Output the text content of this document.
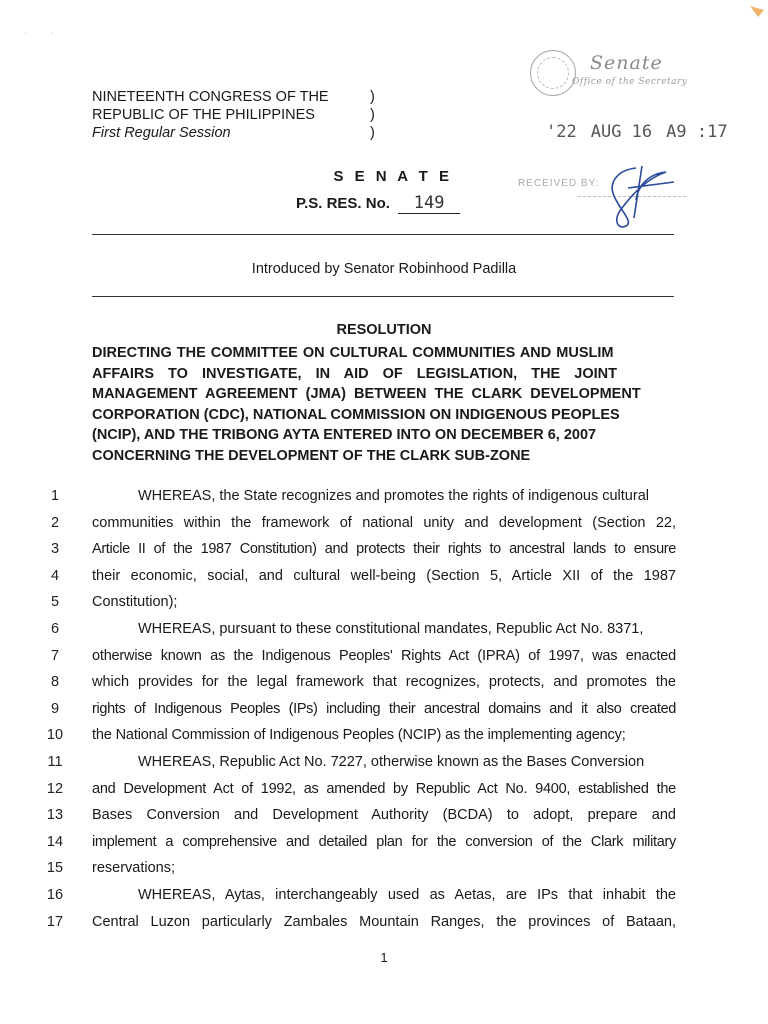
·           ·
NINETEENTH CONGRESS OF THE
REPUBLIC OF THE PHILIPPINES
First Regular Session
)
)
)
Senate
Office of the Secretary
'22 AUG 16 A9 :17
RECEIVED BY:
S E N A T E
P.S. RES. No. 149
Introduced by Senator Robinhood Padilla
RESOLUTION
DIRECTING THE COMMITTEE ON CULTURAL COMMUNITIES AND MUSLIM
AFFAIRS TO INVESTIGATE, IN AID OF LEGISLATION, THE JOINT
MANAGEMENT AGREEMENT (JMA) BETWEEN THE CLARK DEVELOPMENT
CORPORATION (CDC), NATIONAL COMMISSION ON INDIGENOUS PEOPLES
(NCIP), AND THE TRIBONG AYTA ENTERED INTO ON DECEMBER 6, 2007
CONCERNING THE DEVELOPMENT OF THE CLARK SUB-ZONE
1	WHEREAS, the State recognizes and promotes the rights of indigenous cultural
2	communities within the framework of national unity and development (Section 22,
3	Article II of the 1987 Constitution) and protects their rights to ancestral lands to ensure
4	their economic, social, and cultural well-being (Section 5, Article XII of the 1987
5	Constitution);
6	WHEREAS, pursuant to these constitutional mandates, Republic Act No. 8371,
7	otherwise known as the Indigenous Peoples' Rights Act (IPRA) of 1997, was enacted
8	which provides for the legal framework that recognizes, protects, and promotes the
9	rights of Indigenous Peoples (IPs) including their ancestral domains and it also created
10	the National Commission of Indigenous Peoples (NCIP) as the implementing agency;
11	WHEREAS, Republic Act No. 7227, otherwise known as the Bases Conversion
12	and Development Act of 1992, as amended by Republic Act No. 9400, established the
13	Bases Conversion and Development Authority (BCDA) to adopt, prepare and
14	implement a comprehensive and detailed plan for the conversion of the Clark military
15	reservations;
16	WHEREAS, Aytas, interchangeably used as Aetas, are IPs that inhabit the
17	Central Luzon particularly Zambales Mountain Ranges, the provinces of Bataan,
1
